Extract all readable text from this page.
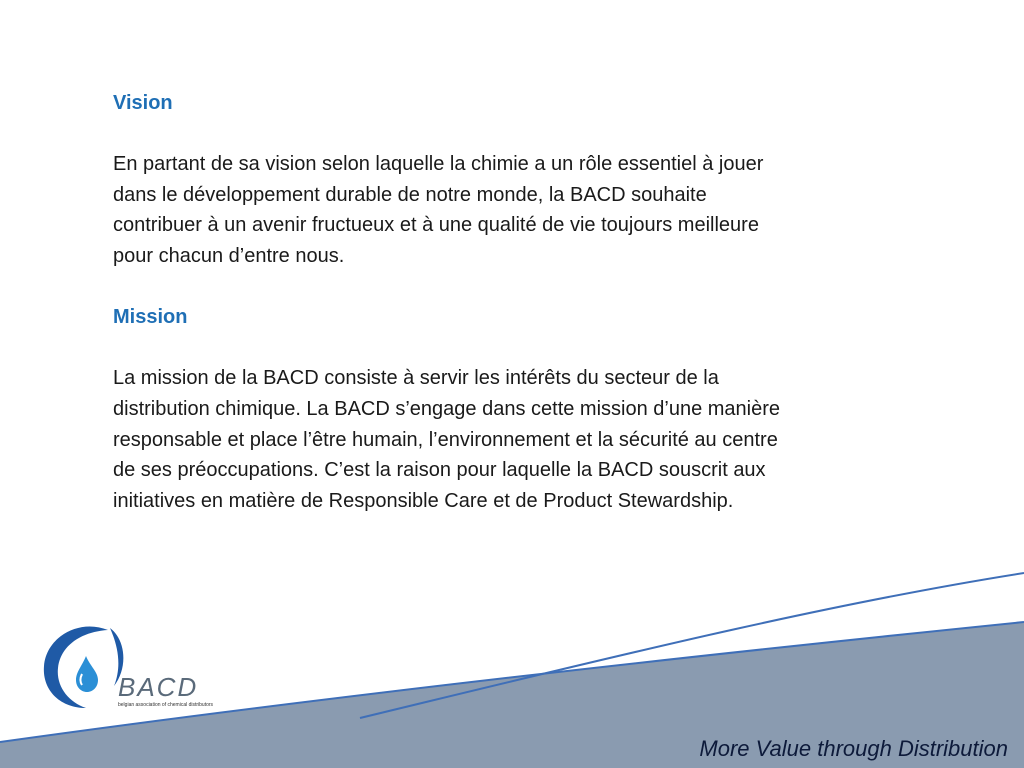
Vision

En partant de sa vision selon laquelle la chimie a un rôle essentiel à jouer
dans le développement durable de notre monde, la BACD souhaite
contribuer à un avenir fructueux et à une qualité de vie toujours meilleure
pour chacun d’entre nous.

Mission

La mission de la BACD consiste à servir les intérêts du secteur de la
distribution chimique. La BACD s’engage dans cette mission d’une manière
responsable et place l’être humain, l’environnement et la sécurité au centre
de ses préoccupations. C’est la raison pour laquelle la BACD souscrit aux
initiatives en matière de Responsible Care et de Product Stewardship.

BACD
belgian association of chemical distributors
More Value through Distribution
